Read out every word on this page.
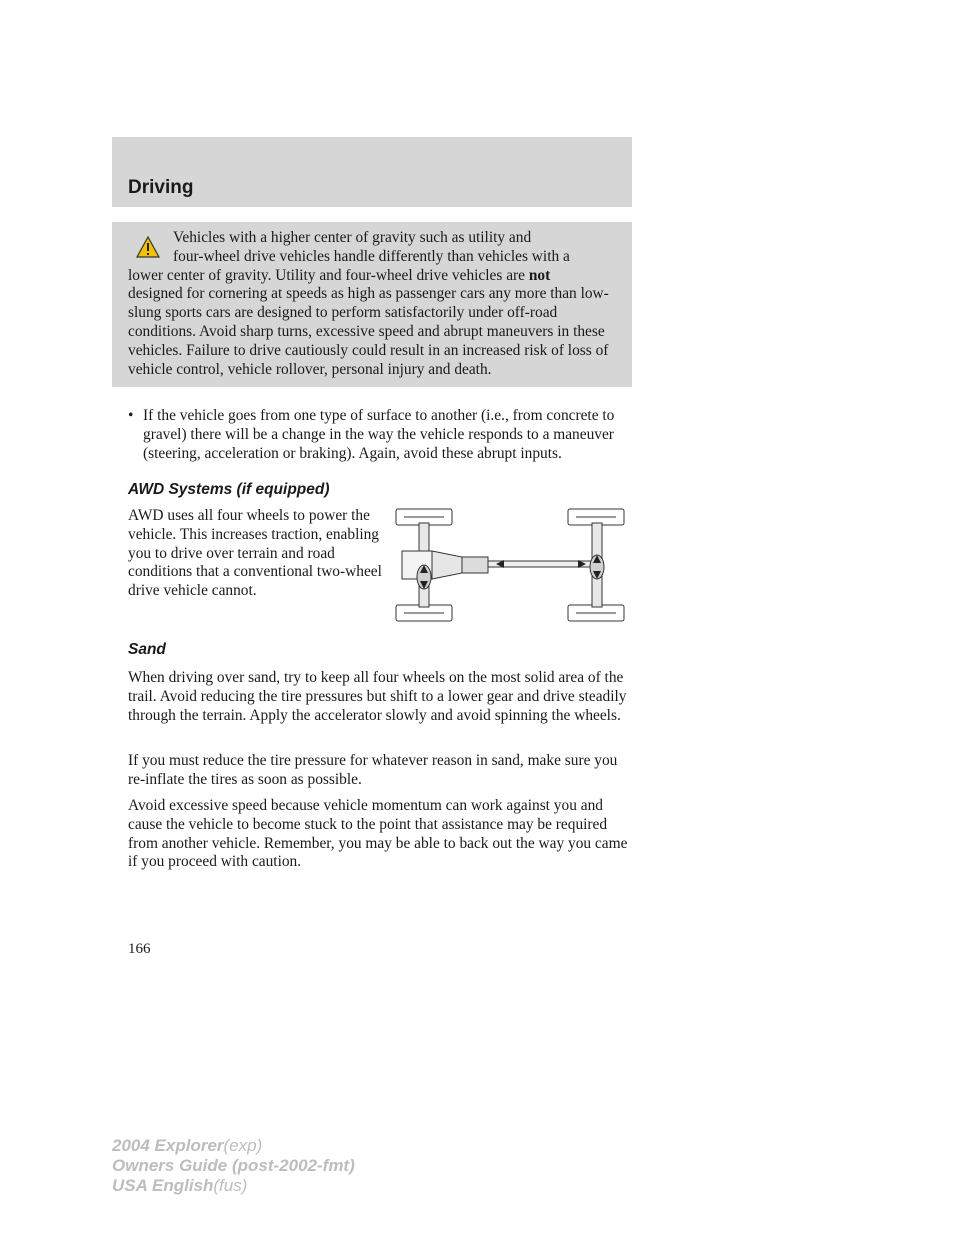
Driving

Vehicles with a higher center of gravity such as utility and
four-wheel drive vehicles handle differently than vehicles with a
lower center of gravity. Utility and four-wheel drive vehicles are not
designed for cornering at speeds as high as passenger cars any more than low-slung sports cars are designed to perform satisfactorily under off-road conditions. Avoid sharp turns, excessive speed and abrupt maneuvers in these vehicles. Failure to drive cautiously could result in an increased risk of loss of vehicle control, vehicle rollover, personal injury and death.

• If the vehicle goes from one type of surface to another (i.e., from concrete to gravel) there will be a change in the way the vehicle responds to a maneuver (steering, acceleration or braking). Again, avoid these abrupt inputs.
AWD Systems (if equipped)

AWD uses all four wheels to power the vehicle. This increases traction, enabling you to drive over terrain and road conditions that a conventional two-wheel drive vehicle cannot.

Sand

When driving over sand, try to keep all four wheels on the most solid area of the trail. Avoid reducing the tire pressures but shift to a lower gear and drive steadily through the terrain. Apply the accelerator slowly and avoid spinning the wheels.

If you must reduce the tire pressure for whatever reason in sand, make sure you re-inflate the tires as soon as possible.

Avoid excessive speed because vehicle momentum can work against you and cause the vehicle to become stuck to the point that assistance may be required from another vehicle. Remember, you may be able to back out the way you came if you proceed with caution.

166

2004 Explorer(exp)
Owners Guide (post-2002-fmt)
USA English(fus)
